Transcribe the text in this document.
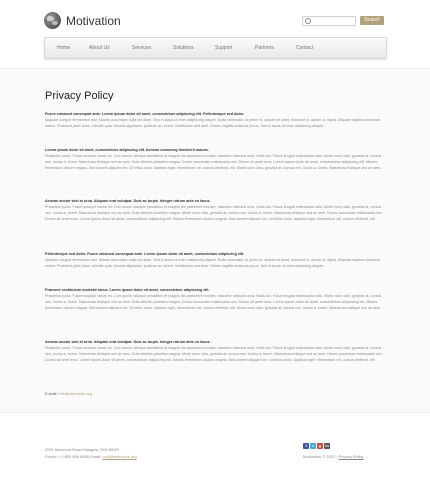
Motivation	Search
Home	About Us	Services	Solutions	Support	Partners	Contact
Privacy Policy
Fusce euismod consequat ante. Lorem ipsum dolor sit amet, consectetuer adipiscing elit. Pellentesque sed dolor.
Aliquam congue fermentum nisl. Mauris accumsan nulla vel diam. Sed in lacus ut enim adipiscing aliquet. Nulla venenatis. In pede mi, aliquet sit amet, euismod in, auctor ut, ligula. Aliquam dapibus tincidunt metus. Praesent justo dolor, lobortis quis, lobortis dignissim, pulvinar ac, lorem. Vestibulum sed ante. Donec sagittis euismod purus. Sed in lacus ut enim adipiscing aliquet.
Lorem ipsum dolor sit amet, consectetuer adipiscing elit. Aenean nonummy hendrerit mauris.
Phasellus porta. Fusce suscipit varius mi. Cum sociis natoque penatibus et magnis dis parturient montes, nascetur ridiculus mus. Nulla dui. Fusce feugiat malesuada odio. Morbi nunc odio, gravida at, cursus nec, luctus a, lorem. Maecenas tristique orci ac sem. Duis ultricies pharetra magna. Donec accumsan malesuada orci. Donec sit amet eros. Lorem ipsum dolor sit amet, consectetuer adipiscing elit. Mauris fermentum dictum magna. Sed laoreet aliquam leo. Ut tellus dolor, dapibus eget, elementum vel, cursus eleifend, elit. Morbi nunc odio, gravida at, cursus nec, luctus a, lorem. Maecenas tristique orci ac sem.
Aenean auctor wisi et urna. Aliquam erat volutpat. Duis ac turpis. Integer rutrum ante eu lacus.
Phasellus porta. Fusce suscipit varius mi. Cum sociis natoque penatibus et magnis dis parturient montes, nascetur ridiculus mus. Nulla dui. Fusce feugiat malesuada odio. Morbi nunc odio, gravida at, cursus nec, luctus a, lorem. Maecenas tristique orci ac sem. Duis ultricies pharetra magna. Morbi nunc odio, gravida at, cursus nec, luctus a, lorem. Maecenas tristique orci ac sem. Donec accumsan malesuada orci. Donec sit amet eros. Lorem ipsum dolor sit amet, consectetuer adipiscing elit. Mauris fermentum dictum magna. Sed laoreet aliquam leo. Ut tellus dolor, dapibus eget, elementum vel, cursus eleifend, elit.
Pellentesque sed dolor. Fusce euismod consequat ante. Lorem ipsum dolor sit amet, consectetuer adipiscing elit.
Aliquam congue fermentum nisl. Mauris accumsan nulla vel diam. Sed in lacus ut enim adipiscing aliquet. Nulla venenatis. In pede mi, aliquet sit amet, euismod in, auctor ut, ligula. Aliquam dapibus tincidunt metus. Praesent justo dolor, lobortis quis, lobortis dignissim, pulvinar ac, lorem. Vestibulum sed ante. Donec sagittis euismod purus. Sed in lacus ut enim adipiscing aliquet.
Praesent vestibulum molestie lacus. Lorem ipsum dolor sit amet, consectetuer adipiscing elit.
Phasellus porta. Fusce suscipit varius mi. Cum sociis natoque penatibus et magnis dis parturient montes, nascetur ridiculus mus. Nulla dui. Fusce feugiat malesuada odio. Morbi nunc odio, gravida at, cursus nec, luctus a, lorem. Maecenas tristique orci ac sem. Duis ultricies pharetra magna. Donec accumsan malesuada orci. Donec sit amet eros. Lorem ipsum dolor sit amet, consectetuer adipiscing elit. Mauris fermentum dictum magna. Sed laoreet aliquam leo. Ut tellus dolor, dapibus eget, elementum vel, cursus eleifend, elit. Morbi nunc odio, gravida at, cursus nec, luctus a, lorem. Maecenas tristique orci ac sem.
Aenean auctor wisi et urna. Aliquam erat volutpat. Duis ac turpis. Integer rutrum ante eu lacus.
Phasellus porta. Fusce suscipit varius mi. Cum sociis natoque penatibus et magnis dis parturient montes, nascetur ridiculus mus. Nulla dui. Fusce feugiat malesuada odio. Morbi nunc odio, gravida at, cursus nec, luctus a, lorem. Maecenas tristique orci ac sem. Duis ultricies pharetra magna. Morbi nunc odio, gravida at, cursus nec, luctus a, lorem. Maecenas tristique orci ac sem. Donec accumsan malesuada orci. Donec sit amet eros. Lorem ipsum dolor sit amet, consectetuer adipiscing elit. Mauris fermentum dictum magna. Sed laoreet aliquam leo. Ut tellus dolor, dapibus eget, elementum vel, cursus eleifend, elit.
E-mail: info@demolink.org
2001 Marmora Road Glasgow, D04 89GR
Phone: +1 800 559 6580 Email: mail@demolink.org
f	t	g	in
Motivation © 2012 | Privacy Policy
